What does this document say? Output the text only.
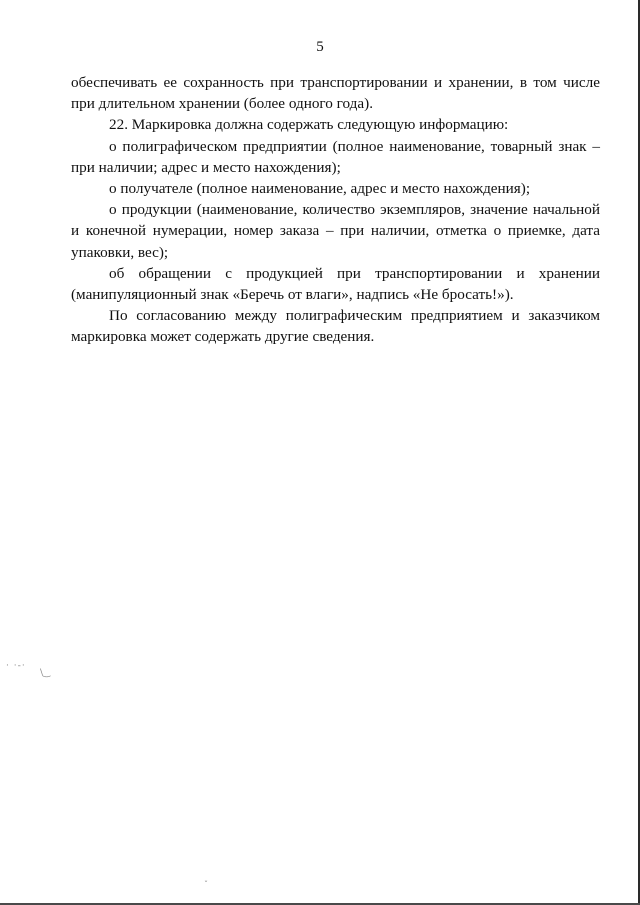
5

обеспечивать ее сохранность при транспортировании и хранении, в том числе при длительном хранении (более одного года).

22. Маркировка должна содержать следующую информацию:

о полиграфическом предприятии (полное наименование, товарный знак – при наличии; адрес и место нахождения);

о получателе (полное наименование, адрес и место нахождения);

о продукции (наименование, количество экземпляров, значение начальной и конечной нумерации, номер заказа – при наличии, отметка о приемке, дата упаковки, вес);

об обращении с продукцией при транспортировании и хранении (манипуляционный знак «Беречь от влаги», надпись «Не бросать!»).

По согласованию между полиграфическим предприятием и заказчиком маркировка может содержать другие сведения.

· ·-·
\‿
ˇ
